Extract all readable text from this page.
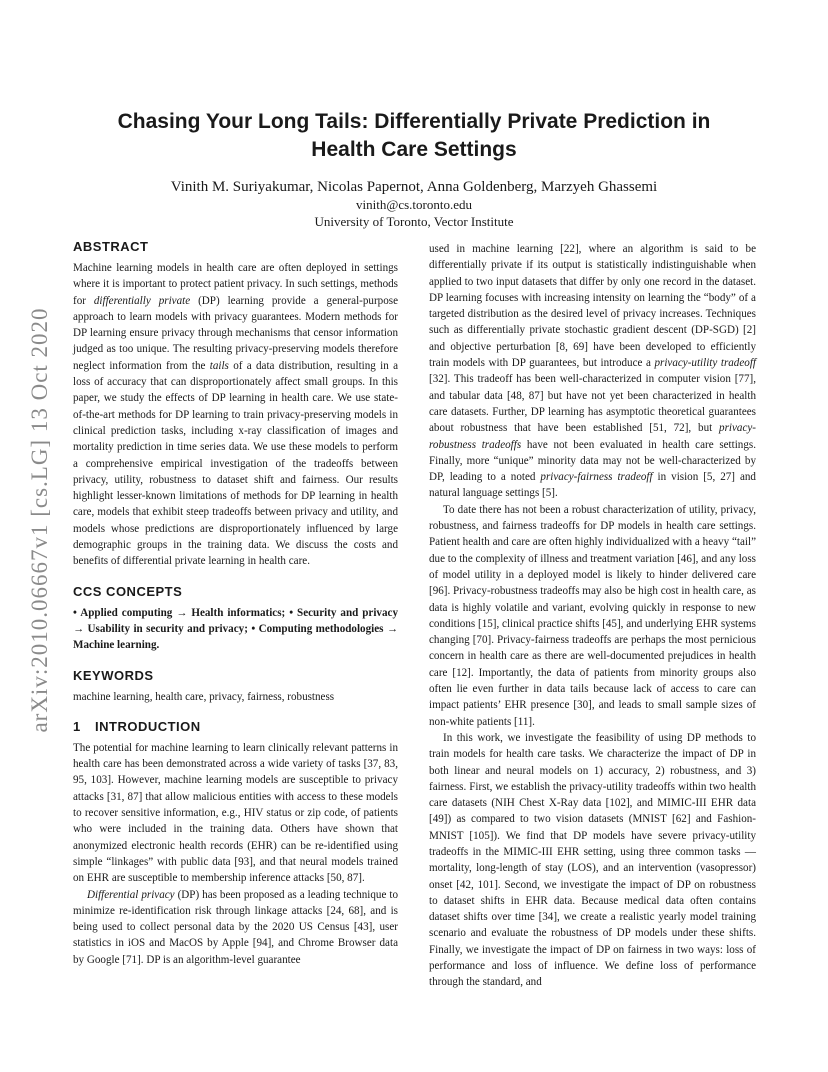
arXiv:2010.06667v1 [cs.LG] 13 Oct 2020
Chasing Your Long Tails: Differentially Private Prediction in
Health Care Settings
Vinith M. Suriyakumar, Nicolas Papernot, Anna Goldenberg, Marzyeh Ghassemi
vinith@cs.toronto.edu
University of Toronto, Vector Institute
ABSTRACT

Machine learning models in health care are often deployed in settings where it is important to protect patient privacy. In such settings, methods for differentially private (DP) learning provide a general-purpose approach to learn models with privacy guarantees. Modern methods for DP learning ensure privacy through mechanisms that censor information judged as too unique. The resulting privacy-preserving models therefore neglect information from the tails of a data distribution, resulting in a loss of accuracy that can disproportionately affect small groups. In this paper, we study the effects of DP learning in health care. We use state-of-the-art methods for DP learning to train privacy-preserving models in clinical prediction tasks, including x-ray classification of images and mortality prediction in time series data. We use these models to perform a comprehensive empirical investigation of the tradeoffs between privacy, utility, robustness to dataset shift and fairness. Our results highlight lesser-known limitations of methods for DP learning in health care, models that exhibit steep tradeoffs between privacy and utility, and models whose predictions are disproportionately influenced by large demographic groups in the training data. We discuss the costs and benefits of differential private learning in health care.

CCS CONCEPTS

• Applied computing → Health informatics; • Security and privacy → Usability in security and privacy; • Computing methodologies → Machine learning.

KEYWORDS

machine learning, health care, privacy, fairness, robustness

1 INTRODUCTION

The potential for machine learning to learn clinically relevant patterns in health care has been demonstrated across a wide variety of tasks [37, 83, 95, 103]. However, machine learning models are susceptible to privacy attacks [31, 87] that allow malicious entities with access to these models to recover sensitive information, e.g., HIV status or zip code, of patients who were included in the training data. Others have shown that anonymized electronic health records (EHR) can be re-identified using simple “linkages” with public data [93], and that neural models trained on EHR are susceptible to membership inference attacks [50, 87].

Differential privacy (DP) has been proposed as a leading technique to minimize re-identification risk through linkage attacks [24, 68], and is being used to collect personal data by the 2020 US Census [43], user statistics in iOS and MacOS by Apple [94], and Chrome Browser data by Google [71]. DP is an algorithm-level guarantee

used in machine learning [22], where an algorithm is said to be differentially private if its output is statistically indistinguishable when applied to two input datasets that differ by only one record in the dataset. DP learning focuses with increasing intensity on learning the “body” of a targeted distribution as the desired level of privacy increases. Techniques such as differentially private stochastic gradient descent (DP-SGD) [2] and objective perturbation [8, 69] have been developed to efficiently train models with DP guarantees, but introduce a privacy-utility tradeoff [32]. This tradeoff has been well-characterized in computer vision [77], and tabular data [48, 87] but have not yet been characterized in health care datasets. Further, DP learning has asymptotic theoretical guarantees about robustness that have been established [51, 72], but privacy-robustness tradeoffs have not been evaluated in health care settings. Finally, more “unique” minority data may not be well-characterized by DP, leading to a noted privacy-fairness tradeoff in vision [5, 27] and natural language settings [5].

To date there has not been a robust characterization of utility, privacy, robustness, and fairness tradeoffs for DP models in health care settings. Patient health and care are often highly individualized with a heavy “tail” due to the complexity of illness and treatment variation [46], and any loss of model utility in a deployed model is likely to hinder delivered care [96]. Privacy-robustness tradeoffs may also be high cost in health care, as data is highly volatile and variant, evolving quickly in response to new conditions [15], clinical practice shifts [45], and underlying EHR systems changing [70]. Privacy-fairness tradeoffs are perhaps the most pernicious concern in health care as there are well-documented prejudices in health care [12]. Importantly, the data of patients from minority groups also often lie even further in data tails because lack of access to care can impact patients’ EHR presence [30], and leads to small sample sizes of non-white patients [11].

In this work, we investigate the feasibility of using DP methods to train models for health care tasks. We characterize the impact of DP in both linear and neural models on 1) accuracy, 2) robustness, and 3) fairness. First, we establish the privacy-utility tradeoffs within two health care datasets (NIH Chest X-Ray data [102], and MIMIC-III EHR data [49]) as compared to two vision datasets (MNIST [62] and Fashion-MNIST [105]). We find that DP models have severe privacy-utility tradeoffs in the MIMIC-III EHR setting, using three common tasks — mortality, long-length of stay (LOS), and an intervention (vasopressor) onset [42, 101]. Second, we investigate the impact of DP on robustness to dataset shifts in EHR data. Because medical data often contains dataset shifts over time [34], we create a realistic yearly model training scenario and evaluate the robustness of DP models under these shifts. Finally, we investigate the impact of DP on fairness in two ways: loss of performance and loss of influence. We define loss of performance through the standard, and
